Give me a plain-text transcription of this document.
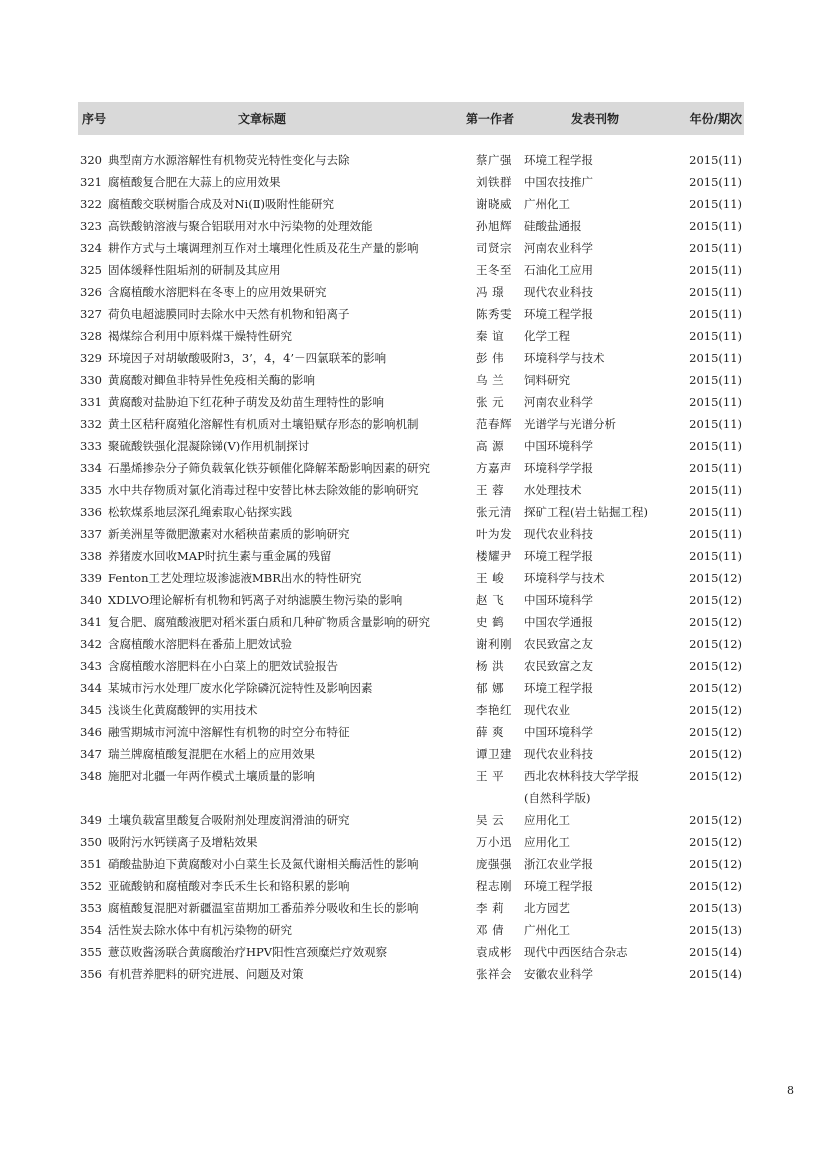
序号 文章标题	第一作者	发表刊物	年份/期次

320 典型南方水源溶解性有机物荧光特性变化与去除	蔡广强	环境工程学报	2015(11)
321 腐植酸复合肥在大蒜上的应用效果	刘铁群	中国农技推广	2015(11)
322 腐植酸交联树脂合成及对Ni(Ⅱ)吸附性能研究	谢晓威	广州化工	2015(11)
323 高铁酸钠溶液与聚合铝联用对水中污染物的处理效能	孙旭辉	硅酸盐通报	2015(11)
324 耕作方式与土壤调理剂互作对土壤理化性质及花生产量的影响	司贤宗	河南农业科学	2015(11)
325 固体缓释性阻垢剂的研制及其应用	王冬至	石油化工应用	2015(11)
326 含腐植酸水溶肥料在冬枣上的应用效果研究	冯 璟	现代农业科技	2015(11)
327 荷负电超滤膜同时去除水中天然有机物和铅离子	陈秀雯	环境工程学报	2015(11)
328 褐煤综合利用中原料煤干燥特性研究	秦 谊	化学工程	2015(11)
329 环境因子对胡敏酸吸附3，3’，4，4’－四氯联苯的影响	彭 伟	环境科学与技术	2015(11)
330 黄腐酸对鲫鱼非特异性免疫相关酶的影响	乌 兰	饲料研究	2015(11)
331 黄腐酸对盐胁迫下红花种子萌发及幼苗生理特性的影响	张 元	河南农业科学	2015(11)
332 黄土区秸秆腐殖化溶解性有机质对土壤铅赋存形态的影响机制	范春辉	光谱学与光谱分析	2015(11)
333 聚硫酸铁强化混凝除锑(V)作用机制探讨	高 源	中国环境科学	2015(11)
334 石墨烯掺杂分子筛负载氧化铁芬顿催化降解苯酚影响因素的研究	方嘉声	环境科学学报	2015(11)
335 水中共存物质对氯化消毒过程中安替比林去除效能的影响研究	王 蓉	水处理技术	2015(11)
336 松软煤系地层深孔绳索取心钻探实践	张元清	探矿工程(岩土钻掘工程)	2015(11)
337 新美洲星等微肥激素对水稻秧苗素质的影响研究	叶为发	现代农业科技	2015(11)
338 养猪废水回收MAP时抗生素与重金属的残留	楼耀尹	环境工程学报	2015(11)
339 Fenton工艺处理垃圾渗滤液MBR出水的特性研究	王 峻	环境科学与技术	2015(12)
340 XDLVO理论解析有机物和钙离子对纳滤膜生物污染的影响	赵 飞	中国环境科学	2015(12)
341 复合肥、腐殖酸液肥对稻米蛋白质和几种矿物质含量影响的研究	史 鹤	中国农学通报	2015(12)
342 含腐植酸水溶肥料在番茄上肥效试验	谢利刚	农民致富之友	2015(12)
343 含腐植酸水溶肥料在小白菜上的肥效试验报告	杨 洪	农民致富之友	2015(12)
344 某城市污水处理厂废水化学除磷沉淀特性及影响因素	郁 娜	环境工程学报	2015(12)
345 浅谈生化黄腐酸钾的实用技术	李艳红	现代农业	2015(12)
346 融雪期城市河流中溶解性有机物的时空分布特征	薛 爽	中国环境科学	2015(12)
347 瑞兰牌腐植酸复混肥在水稻上的应用效果	谭卫建	现代农业科技	2015(12)
348 施肥对北疆一年两作模式土壤质量的影响	王 平	西北农林科技大学学报	2015(12)
		(自然科学版)	
349 土壤负载富里酸复合吸附剂处理废润滑油的研究	吴 云	应用化工	2015(12)
350 吸附污水钙镁离子及增粘效果	万小迅	应用化工	2015(12)
351 硝酸盐胁迫下黄腐酸对小白菜生长及氮代谢相关酶活性的影响	庞强强	浙江农业学报	2015(12)
352 亚硫酸钠和腐植酸对李氏禾生长和铬积累的影响	程志刚	环境工程学报	2015(12)
353 腐植酸复混肥对新疆温室苗期加工番茄养分吸收和生长的影响	李 莉	北方园艺	2015(13)
354 活性炭去除水体中有机污染物的研究	邓 倩	广州化工	2015(13)
355 薏苡败酱汤联合黄腐酸治疗HPV阳性宫颈糜烂疗效观察	袁成彬	现代中西医结合杂志	2015(14)
356 有机营养肥料的研究进展、问题及对策	张祥会	安徽农业科学	2015(14)
8
